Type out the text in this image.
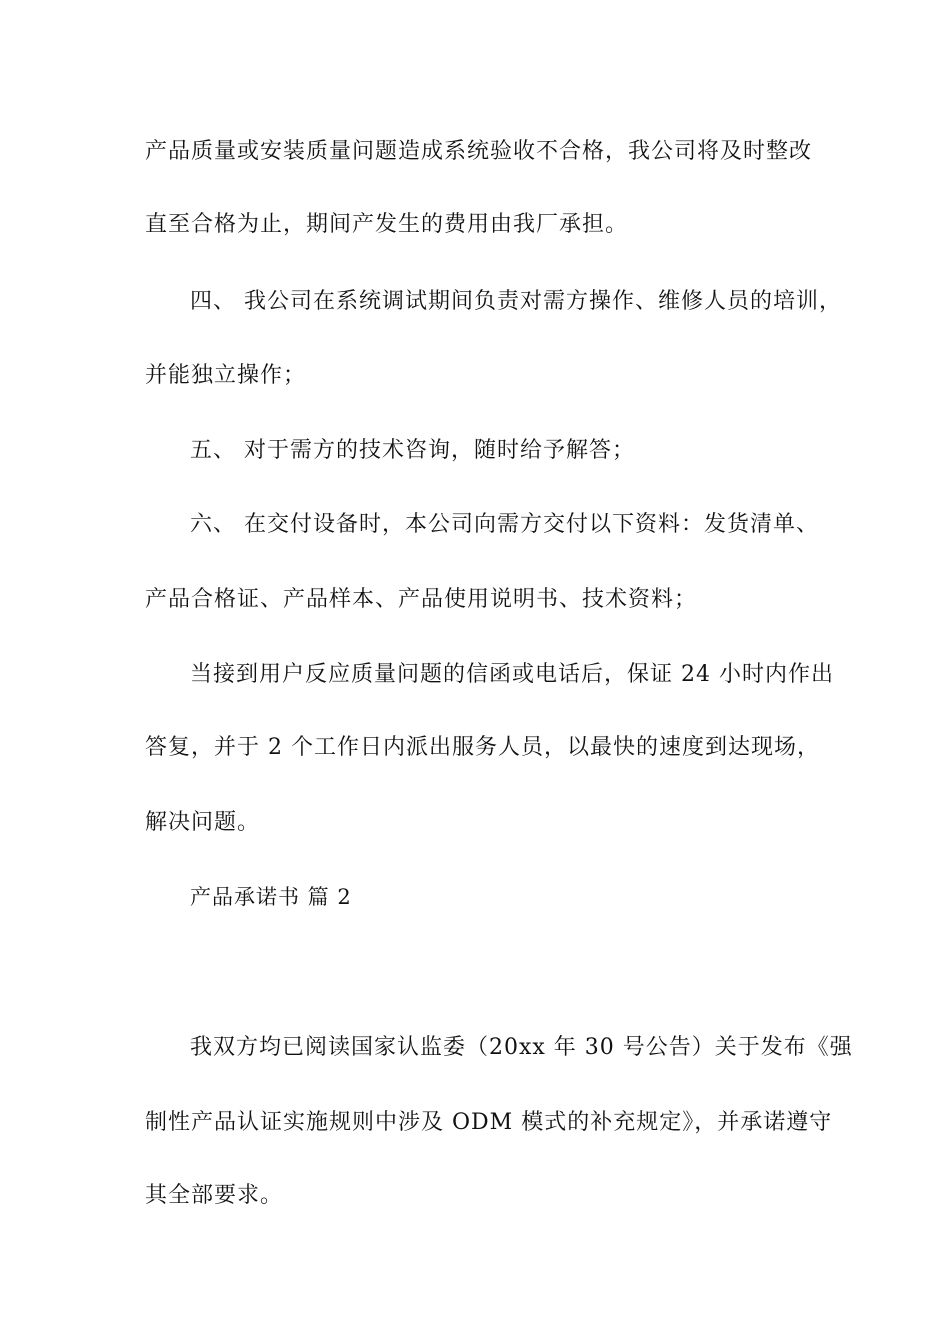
产品质量或安装质量问题造成系统验收不合格，我公司将及时整改

直至合格为止，期间产发生的费用由我厂承担。

四、 我公司在系统调试期间负责对需方操作、维修人员的培训，

并能独立操作；

五、 对于需方的技术咨询，随时给予解答；

六、 在交付设备时，本公司向需方交付以下资料：发货清单、

产品合格证、产品样本、产品使用说明书、技术资料；

当接到用户反应质量问题的信函或电话后，保证 24 小时内作出

答复，并于 2 个工作日内派出服务人员，以最快的速度到达现场，

解决问题。

产品承诺书 篇 2

我双方均已阅读国家认监委（20xx 年 30 号公告）关于发布《强

制性产品认证实施规则中涉及 ODM 模式的补充规定》，并承诺遵守

其全部要求。
